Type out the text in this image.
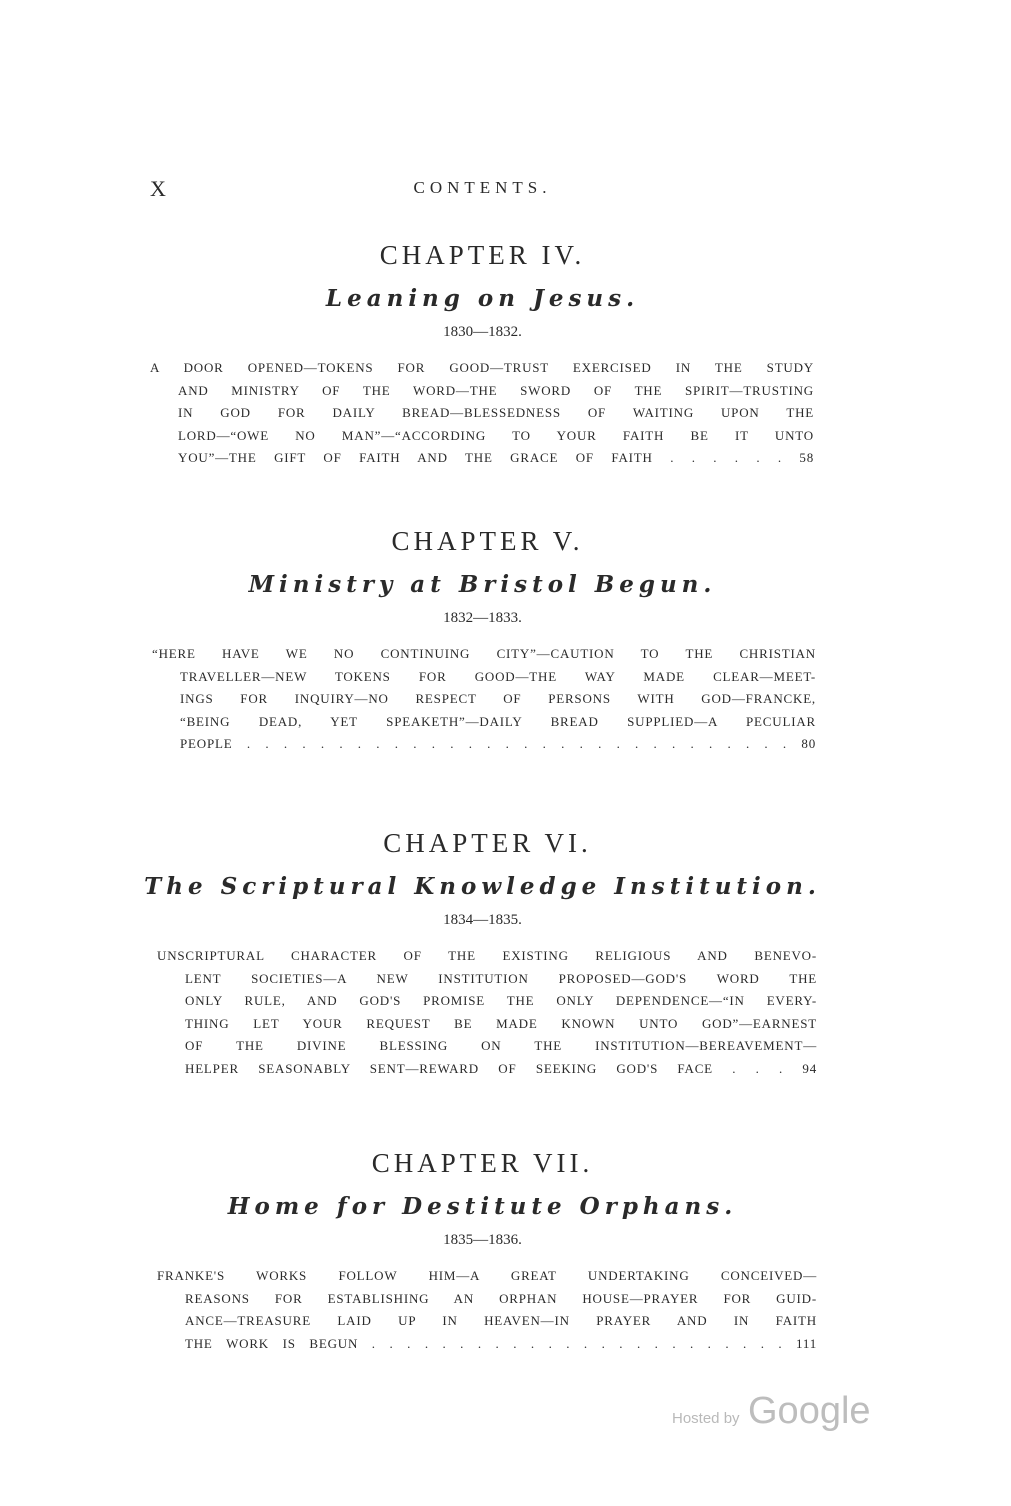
X	CONTENTS.
CHAPTER IV.
Leaning on Jesus.
1830—1832.
A DOOR OPENED—TOKENS FOR GOOD—TRUST EXERCISED IN THE STUDY
AND MINISTRY OF THE WORD—THE SWORD OF THE SPIRIT—TRUSTING
IN GOD FOR DAILY BREAD—BLESSEDNESS OF WAITING UPON THE
LORD—“OWE NO MAN”—“ACCORDING TO YOUR FAITH BE IT UNTO
YOU”—THE GIFT OF FAITH AND THE GRACE OF FAITH . . . . . . 58
CHAPTER V.
Ministry at Bristol Begun.
1832—1833.
“HERE HAVE WE NO CONTINUING CITY”—CAUTION TO THE CHRISTIAN
TRAVELLER—NEW TOKENS FOR GOOD—THE WAY MADE CLEAR—MEET-
INGS FOR INQUIRY—NO RESPECT OF PERSONS WITH GOD—FRANCKE,
“BEING DEAD, YET SPEAKETH”—DAILY BREAD SUPPLIED—A PECULIAR
PEOPLE . . . . . . . . . . . . . . . . . . . . . . . . . . . . . . 80
CHAPTER VI.
The Scriptural Knowledge Institution.
1834—1835.
UNSCRIPTURAL CHARACTER OF THE EXISTING RELIGIOUS AND BENEVO-
LENT SOCIETIES—A NEW INSTITUTION PROPOSED—GOD'S WORD THE
ONLY RULE, AND GOD'S PROMISE THE ONLY DEPENDENCE—“IN EVERY-
THING LET YOUR REQUEST BE MADE KNOWN UNTO GOD”—EARNEST
OF THE DIVINE BLESSING ON THE INSTITUTION—BEREAVEMENT—
HELPER SEASONABLY SENT—REWARD OF SEEKING GOD'S FACE . . . 94
CHAPTER VII.
Home for Destitute Orphans.
1835—1836.
FRANKE'S WORKS FOLLOW HIM—A GREAT UNDERTAKING CONCEIVED—
REASONS FOR ESTABLISHING AN ORPHAN HOUSE—PRAYER FOR GUID-
ANCE—TREASURE LAID UP IN HEAVEN—IN PRAYER AND IN FAITH
THE WORK IS BEGUN . . . . . . . . . . . . . . . . . . . . . . . . 111
Hosted by Google
